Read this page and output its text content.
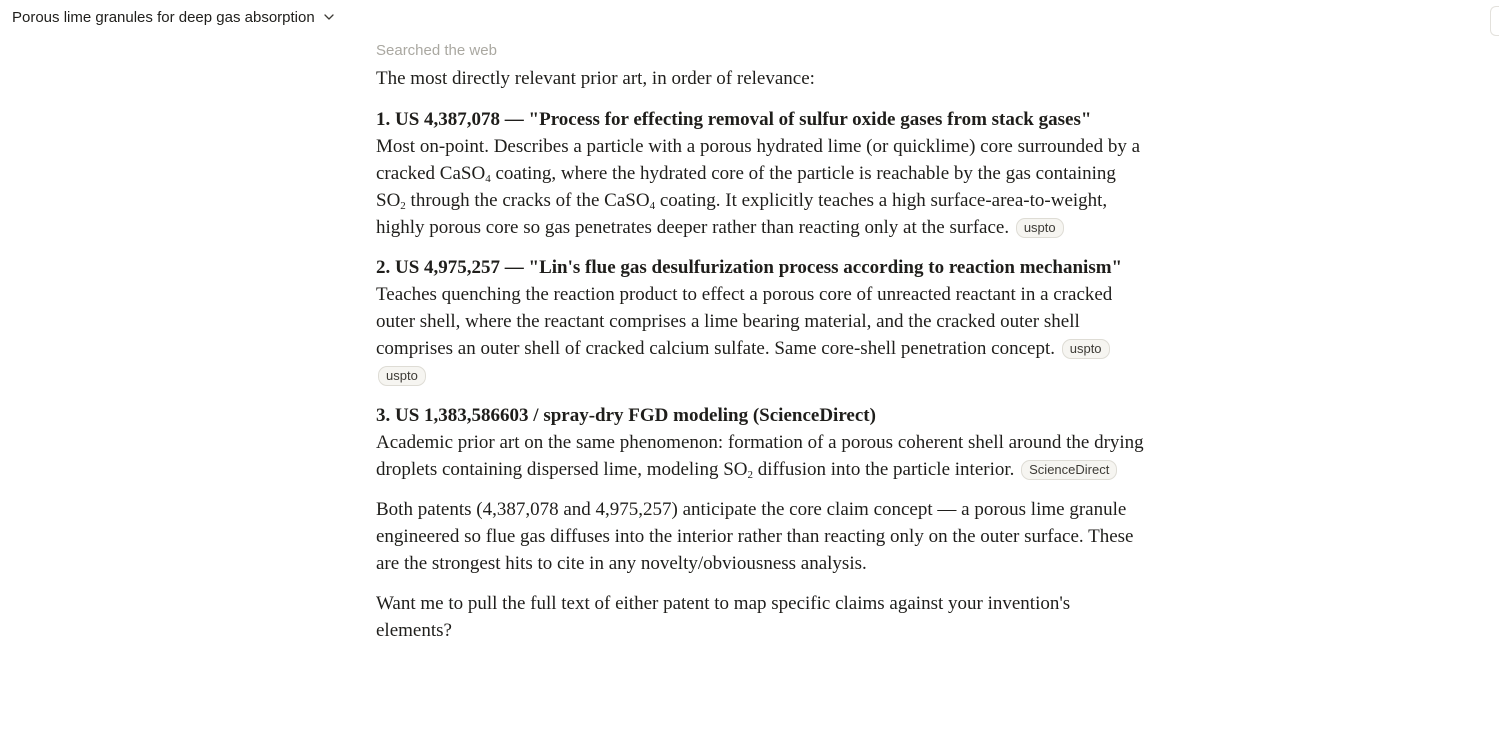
Porous lime granules for deep gas absorption
Searched the web

The most directly relevant prior art, in order of relevance:

1. US 4,387,078 — "Process for effecting removal of sulfur oxide gases from stack gases"
Most on-point. Describes a particle with a porous hydrated lime (or quicklime) core surrounded by a cracked CaSO$_4$ coating, where the hydrated core of the particle is reachable by the gas containing $SO_2$ through the cracks of the CaSO$_4$ coating. It explicitly teaches a high surface-area-to-weight, highly porous core so gas penetrates deeper rather than reacting only at the surface. uspto
2. US 4,975,257 — "Lin's flue gas desulfurization process according to reaction mechanism"
Teaches quenching the reaction product to effect a porous core of unreacted reactant in a cracked outer shell, where the reactant comprises a lime bearing material, and the cracked outer shell comprises an outer shell of cracked calcium sulfate. Same core-shell penetration concept. uspto uspto
3. US 1,383,586603 / spray-dry FGD modeling (ScienceDirect)
Academic prior art on the same phenomenon: formation of a porous coherent shell around the drying droplets containing dispersed lime, modeling $SO_2$ diffusion into the particle interior. ScienceDirect

Both patents (4,387,078 and 4,975,257) anticipate the core claim concept — a porous lime granule engineered so flue gas diffuses into the interior rather than reacting only on the outer surface. These are the strongest hits to cite in any novelty/obviousness analysis.

Want me to pull the full text of either patent to map specific claims against your invention's elements?
